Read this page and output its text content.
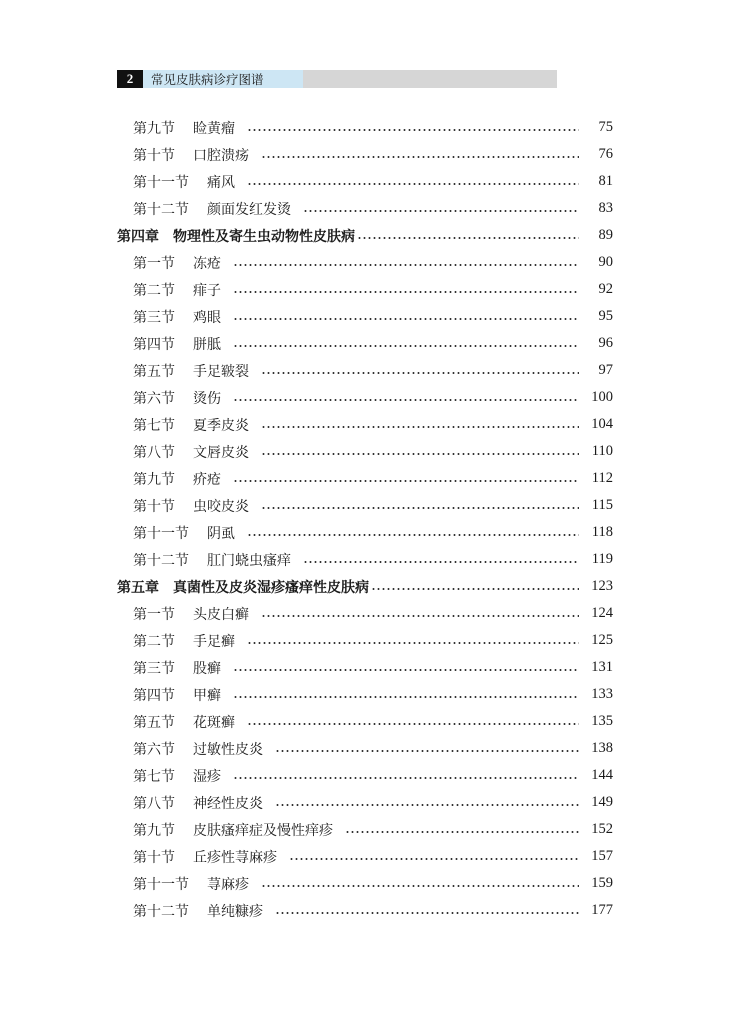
2	常见皮肤病诊疗图谱
第九节 睑黄瘤	75
第十节 口腔溃疡	76
第十一节 痛风	81
第十二节 颜面发红发烫	83
第四章 物理性及寄生虫动物性皮肤病	89
第一节 冻疮	90
第二节 痱子	92
第三节 鸡眼	95
第四节 胼胝	96
第五节 手足皲裂	97
第六节 烫伤	100
第七节 夏季皮炎	104
第八节 文唇皮炎	110
第九节 疥疮	112
第十节 虫咬皮炎	115
第十一节 阴虱	118
第十二节 肛门蛲虫瘙痒	119
第五章 真菌性及皮炎湿疹瘙痒性皮肤病	123
第一节 头皮白癣	124
第二节 手足癣	125
第三节 股癣	131
第四节 甲癣	133
第五节 花斑癣	135
第六节 过敏性皮炎	138
第七节 湿疹	144
第八节 神经性皮炎	149
第九节 皮肤瘙痒症及慢性痒疹	152
第十节 丘疹性荨麻疹	157
第十一节 荨麻疹	159
第十二节 单纯糠疹	177
